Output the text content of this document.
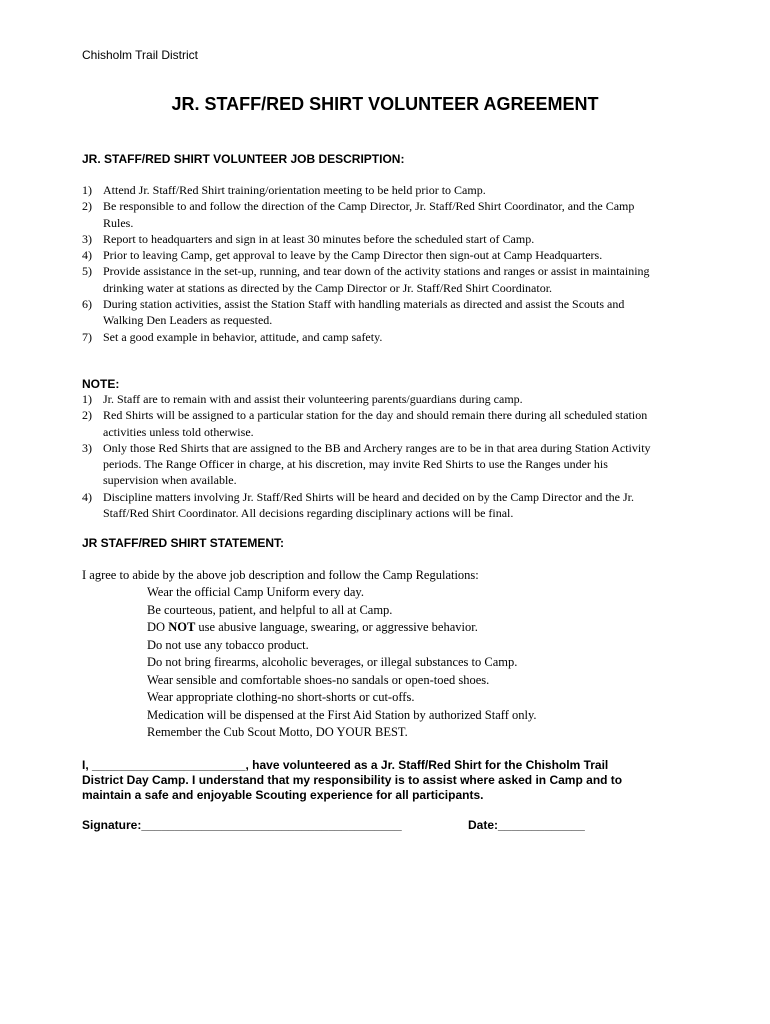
Chisholm Trail District
JR. STAFF/RED SHIRT VOLUNTEER AGREEMENT
JR. STAFF/RED SHIRT VOLUNTEER JOB DESCRIPTION:
1) Attend Jr. Staff/Red Shirt training/orientation meeting to be held prior to Camp.
2) Be responsible to and follow the direction of the Camp Director, Jr. Staff/Red Shirt Coordinator, and the Camp Rules.
3) Report to headquarters and sign in at least 30 minutes before the scheduled start of Camp.
4) Prior to leaving Camp, get approval to leave by the Camp Director then sign-out at Camp Headquarters.
5) Provide assistance in the set-up, running, and tear down of the activity stations and ranges or assist in maintaining drinking water at stations as directed by the Camp Director or Jr. Staff/Red Shirt Coordinator.
6) During station activities, assist the Station Staff with handling materials as directed and assist the Scouts and Walking Den Leaders as requested.
7) Set a good example in behavior, attitude, and camp safety.
NOTE:
1) Jr. Staff are to remain with and assist their volunteering parents/guardians during camp.
2) Red Shirts will be assigned to a particular station for the day and should remain there during all scheduled station activities unless told otherwise.
3) Only those Red Shirts that are assigned to the BB and Archery ranges are to be in that area during Station Activity periods. The Range Officer in charge, at his discretion, may invite Red Shirts to use the Ranges under his supervision when available.
4) Discipline matters involving Jr. Staff/Red Shirts will be heard and decided on by the Camp Director and the Jr. Staff/Red Shirt Coordinator. All decisions regarding disciplinary actions will be final.
JR STAFF/RED SHIRT STATEMENT:
I agree to abide by the above job description and follow the Camp Regulations:
Wear the official Camp Uniform every day.
Be courteous, patient, and helpful to all at Camp.
DO NOT use abusive language, swearing, or aggressive behavior.
Do not use any tobacco product.
Do not bring firearms, alcoholic beverages, or illegal substances to Camp.
Wear sensible and comfortable shoes-no sandals or open-toed shoes.
Wear appropriate clothing-no short-shorts or cut-offs.
Medication will be dispensed at the First Aid Station by authorized Staff only.
Remember the Cub Scout Motto, DO YOUR BEST.
I, _______________________, have volunteered as a Jr. Staff/Red Shirt for the Chisholm Trail District Day Camp. I understand that my responsibility is to assist where asked in Camp and to maintain a safe and enjoyable Scouting experience for all participants.
Signature:_______________________________________	Date:_____________
